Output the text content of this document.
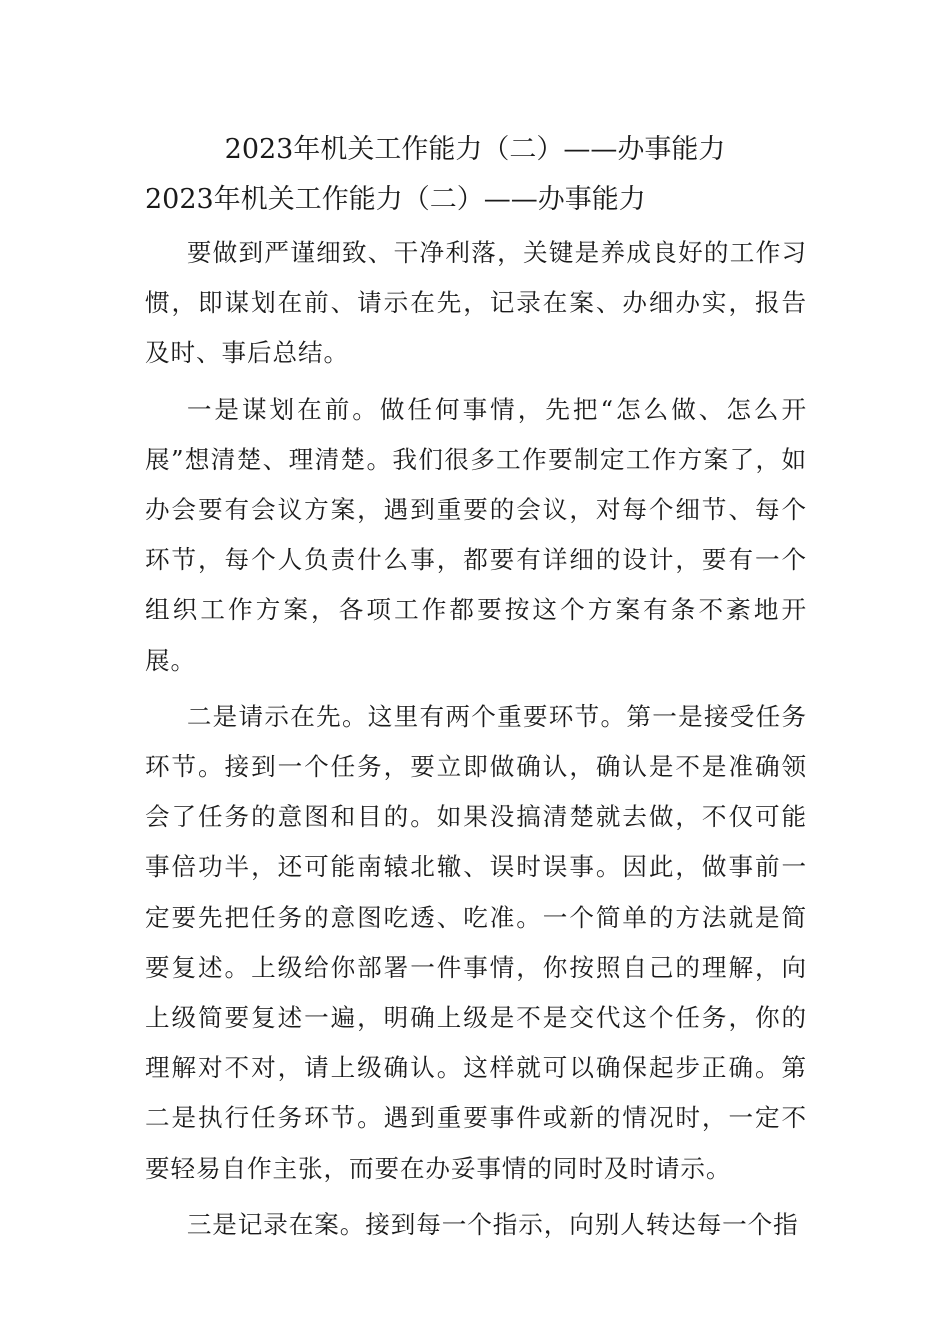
2023年机关工作能力（二）——办事能力
2023年机关工作能力（二）——办事能力

要做到严谨细致、干净利落，关键是养成良好的工作习惯，即谋划在前、请示在先，记录在案、办细办实，报告及时、事后总结。

一是谋划在前。做任何事情，先把“怎么做、怎么开展”想清楚、理清楚。我们很多工作要制定工作方案了，如办会要有会议方案，遇到重要的会议，对每个细节、每个环节，每个人负责什么事，都要有详细的设计，要有一个组织工作方案，各项工作都要按这个方案有条不紊地开展。

二是请示在先。这里有两个重要环节。第一是接受任务环节。接到一个任务，要立即做确认，确认是不是准确领会了任务的意图和目的。如果没搞清楚就去做，不仅可能事倍功半，还可能南辕北辙、误时误事。因此，做事前一定要先把任务的意图吃透、吃准。一个简单的方法就是简要复述。上级给你部署一件事情，你按照自己的理解，向上级简要复述一遍，明确上级是不是交代这个任务，你的理解对不对，请上级确认。这样就可以确保起步正确。第二是执行任务环节。遇到重要事件或新的情况时，一定不要轻易自作主张，而要在办妥事情的同时及时请示。

三是记录在案。接到每一个指示，向别人转达每一个指
